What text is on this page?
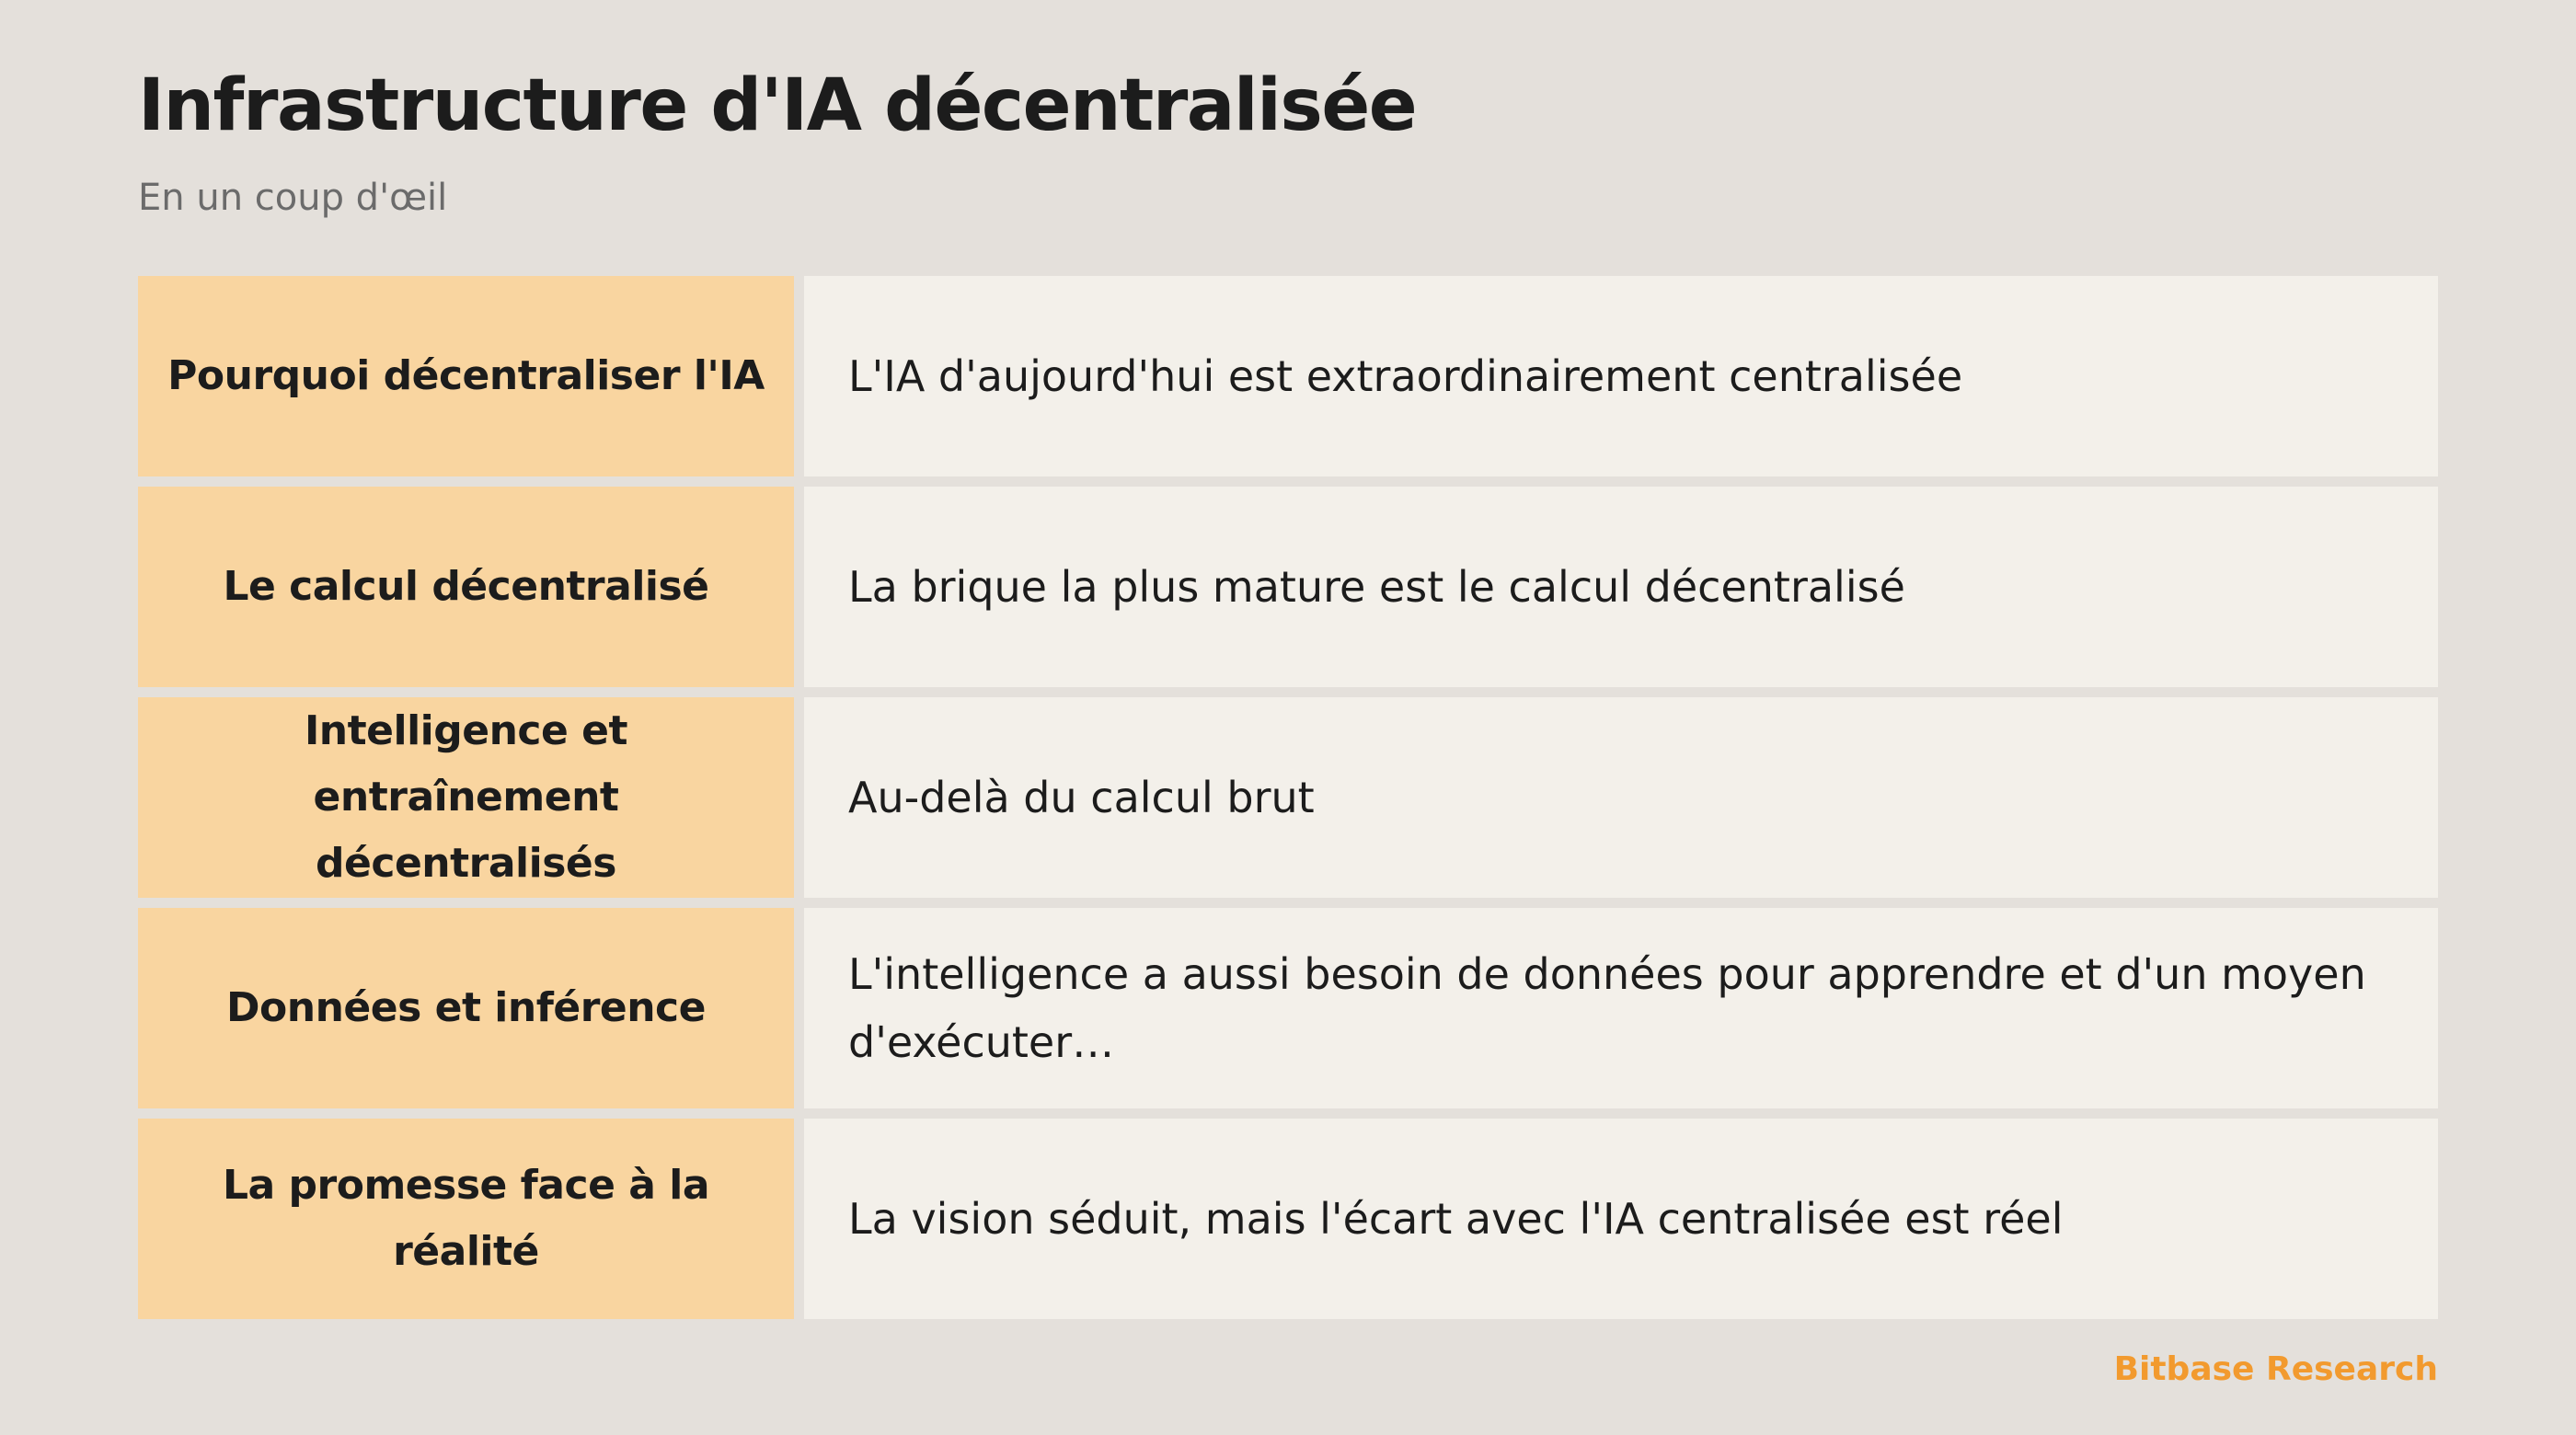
Infrastructure d'IA décentralisée

En un coup d'œil

Pourquoi décentraliser l'IA L'IA d'aujourd'hui est extraordinairement centralisée
Le calcul décentralisé	La brique la plus mature est le calcul décentralisé
Intelligence et entraînement décentralisés
Au-delà du calcul brut
Données et inférence
L'intelligence a aussi besoin de données pour apprendre et d'un moyen d'exécuter…
La promesse face à la réalité
La vision séduit, mais l'écart avec l'IA centralisée est réel
Bitbase Research
